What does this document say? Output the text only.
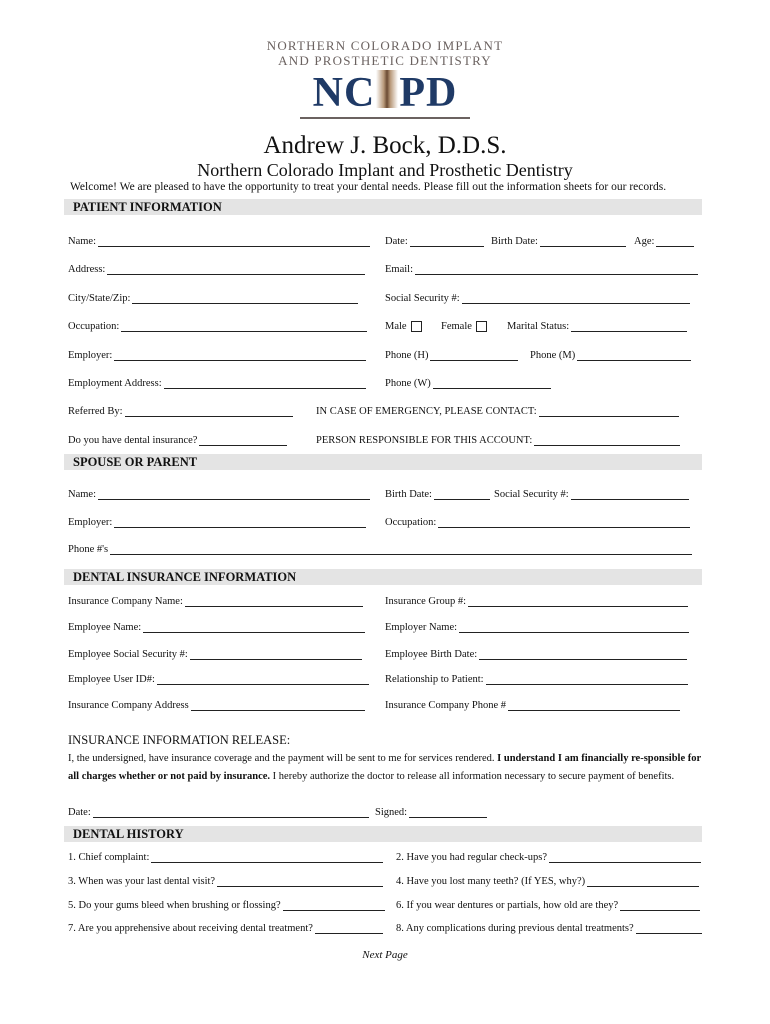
NORTHERN COLORADO IMPLANT
AND PROSTHETIC DENTISTRY
NC PD
Andrew J. Bock, D.D.S.
Northern Colorado Implant and Prosthetic Dentistry
Welcome! We are pleased to have the opportunity to treat your dental needs. Please fill out the information sheets for our records.
PATIENT INFORMATION
Name:	Date:	Birth Date:	Age:
Address:	Email:
City/State/Zip:	Social Security #:
Occupation:	Male	Female	Marital Status:
Employer:	Phone (H)	Phone (M)
Employment Address:	Phone (W)
Referred By:	IN CASE OF EMERGENCY, PLEASE CONTACT:
Do you have dental insurance?	PERSON RESPONSIBLE FOR THIS ACCOUNT:
SPOUSE OR PARENT
Name:	Birth Date:	Social Security #:
Employer:	Occupation:
Phone #'s
DENTAL INSURANCE INFORMATION
Insurance Company Name:	Insurance Group #:
Employee Name:	Employer Name:
Employee Social Security #:	Employee Birth Date:
Employee User ID#:	Relationship to Patient:
Insurance Company Address	Insurance Company Phone #
INSURANCE INFORMATION RELEASE:
I, the undersigned, have insurance coverage and the payment will be sent to me for services rendered. I understand I am financially re-sponsible for all charges whether or not paid by insurance. I hereby authorize the doctor to release all information necessary to secure payment of benefits.
Date:	Signed:
DENTAL HISTORY
1. Chief complaint:	2. Have you had regular check-ups?
3. When was your last dental visit?	4. Have you lost many teeth? (If YES, why?)
5. Do your gums bleed when brushing or flossing?	6. If you wear dentures or partials, how old are they?
7. Are you apprehensive about receiving dental treatment?	8. Any complications during previous dental treatments?
Next Page
